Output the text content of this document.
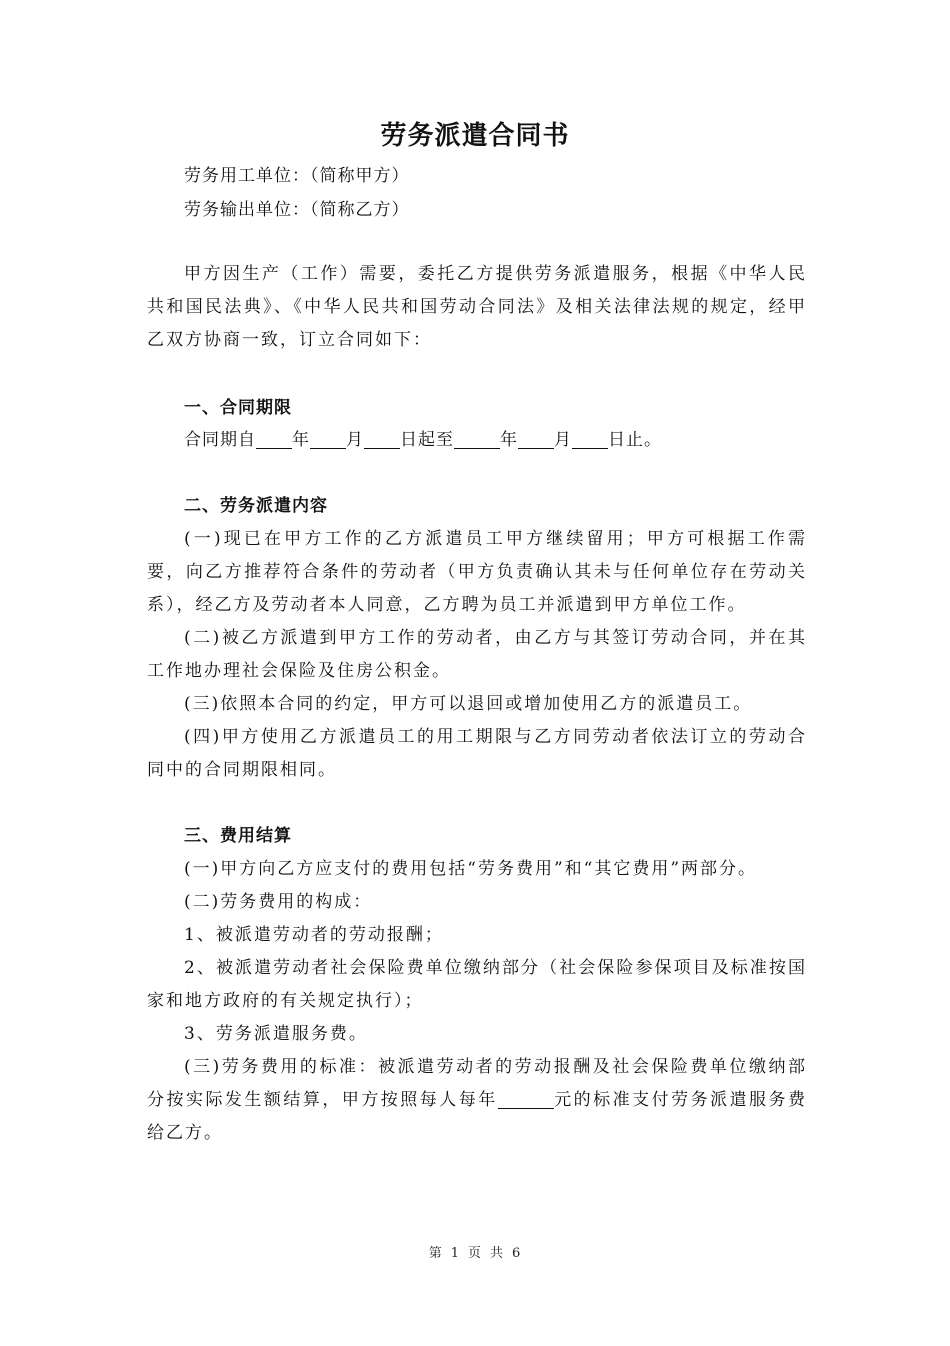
劳务派遣合同书
劳务用工单位：（简称甲方）
劳务输出单位：（简称乙方）

甲方因生产（工作）需要，委托乙方提供劳务派遣服务，根据《中华人民共和国民法典》、《中华人民共和国劳动合同法》及相关法律法规的规定，经甲乙双方协商一致，订立合同如下：

一、合同期限
合同期自 年 月 日起至	年 月 日止。
二、劳务派遣内容

(一)现已在甲方工作的乙方派遣员工甲方继续留用；甲方可根据工作需要，向乙方推荐符合条件的劳动者（甲方负责确认其未与任何单位存在劳动关系），经乙方及劳动者本人同意，乙方聘为员工并派遣到甲方单位工作。

(二)被乙方派遣到甲方工作的劳动者，由乙方与其签订劳动合同，并在其工作地办理社会保险及住房公积金。

(三)依照本合同的约定，甲方可以退回或增加使用乙方的派遣员工。

(四)甲方使用乙方派遣员工的用工期限与乙方同劳动者依法订立的劳动合同中的合同期限相同。

三、费用结算

(一)甲方向乙方应支付的费用包括“劳务费用”和“其它费用”两部分。

(二)劳务费用的构成：

1、被派遣劳动者的劳动报酬；

2、被派遣劳动者社会保险费单位缴纳部分（社会保险参保项目及标准按国家和地方政府的有关规定执行）；

3、劳务派遣服务费。

(三)劳务费用的标准：被派遣劳动者的劳动报酬及社会保险费单位缴纳部分按实际发生额结算，甲方按照每人每年	元的标准支付劳务派遣服务费给乙方。

第 1 页 共 6
